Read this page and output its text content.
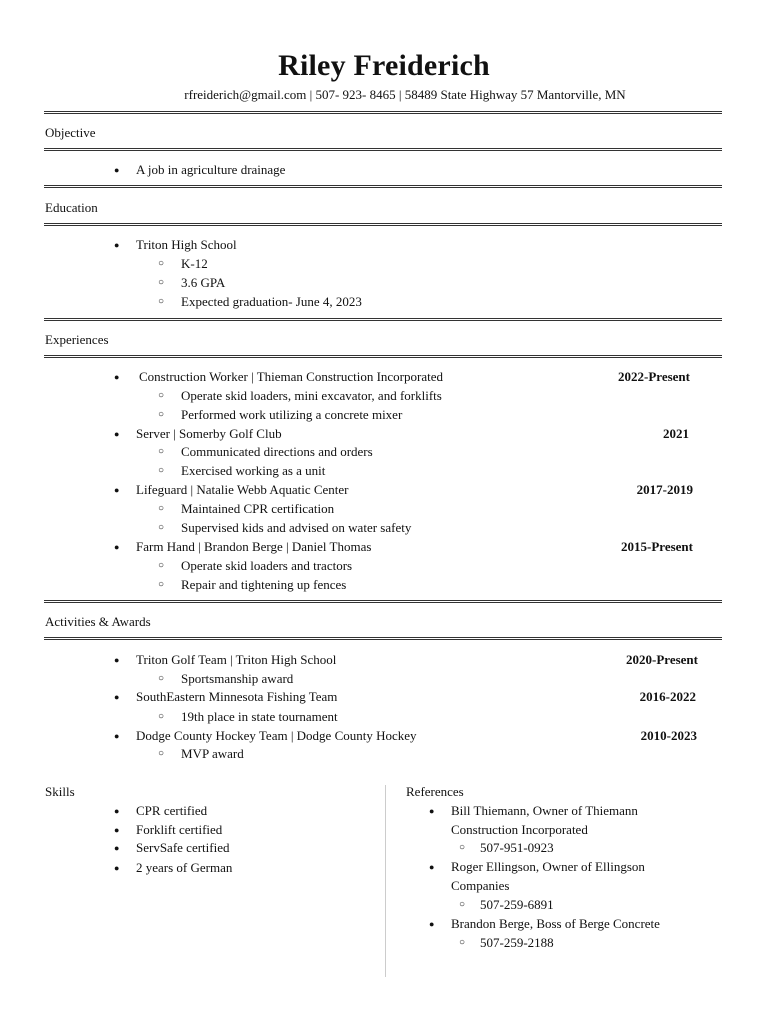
Riley Freiderich
rfreiderich@gmail.com | 507- 923- 8465 | 58489 State Highway 57 Mantorville, MN
Objective
● A job in agriculture drainage
Education
● Triton High School
○ K-12
○ 3.6 GPA
○ Expected graduation- June 4, 2023
Experiences
● Construction Worker | Thieman Construction Incorporated	2022-Present
○ Operate skid loaders, mini excavator, and forklifts
○ Performed work utilizing a concrete mixer
● Server | Somerby Golf Club	2021
○ Communicated directions and orders
○ Exercised working as a unit
● Lifeguard | Natalie Webb Aquatic Center	2017-2019
○ Maintained CPR certification
○ Supervised kids and advised on water safety
● Farm Hand | Brandon Berge | Daniel Thomas	2015-Present
○ Operate skid loaders and tractors
○ Repair and tightening up fences
Activities & Awards
● Triton Golf Team | Triton High School	2020-Present
○ Sportsmanship award
● SouthEastern Minnesota Fishing Team	2016-2022
○ 19th place in state tournament
● Dodge County Hockey Team | Dodge County Hockey	2010-2023
○ MVP award
Skills
● CPR certified
● Forklift certified
● ServSafe certified
● 2 years of German
References
● Bill Thiemann, Owner of Thiemann
Construction Incorporated
○ 507-951-0923
● Roger Ellingson, Owner of Ellingson
Companies
○ 507-259-6891
● Brandon Berge, Boss of Berge Concrete
○ 507-259-2188
